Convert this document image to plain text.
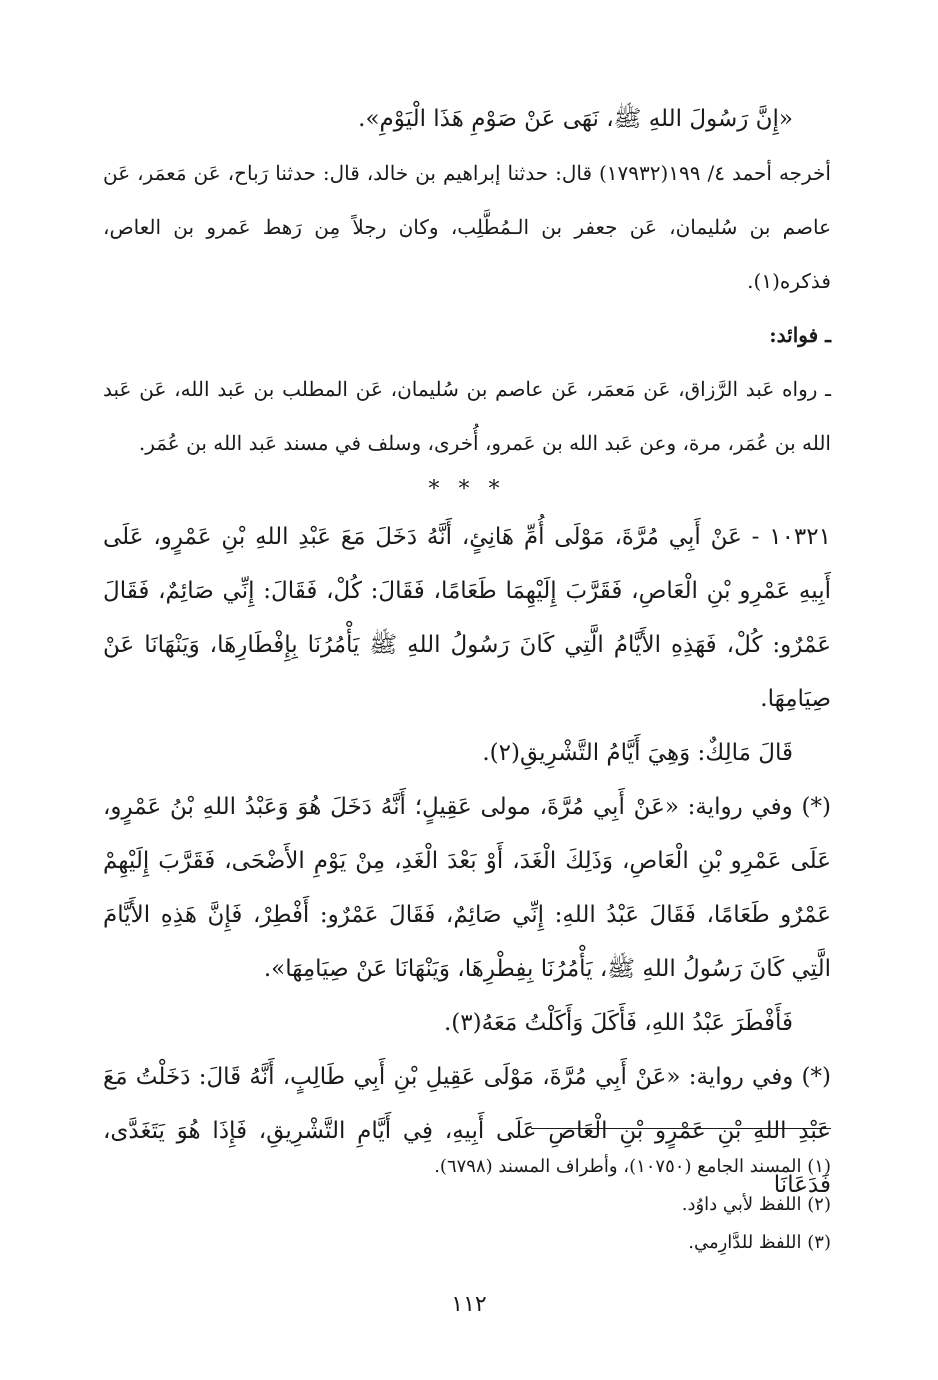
«إِنَّ رَسُولَ اللهِ ﷺ، نَهَى عَنْ صَوْمِ هَذَا الْيَوْمِ».

أخرجه أحمد ٤/ ١٩٩(١٧٩٣٢) قال: حدثنا إبراهيم بن خالد، قال: حدثنا رَباح، عَن مَعمَر، عَن عاصم بن سُليمان، عَن جعفر بن الـمُطَّلِب، وكان رجلاً مِن رَهط عَمرو بن العاص، فذكره(١).

ـ فوائد:

ـ رواه عَبد الرَّزاق، عَن مَعمَر، عَن عاصم بن سُليمان، عَن المطلب بن عَبد الله، عَن عَبد الله بن عُمَر، مرة، وعن عَبد الله بن عَمرو، أُخرى، وسلف في مسند عَبد الله بن عُمَر.

* * *

١٠٣٢١ - عَنْ أَبِي مُرَّةَ، مَوْلَى أُمِّ هَانِئٍ، أَنَّهُ دَخَلَ مَعَ عَبْدِ اللهِ بْنِ عَمْرٍو، عَلَى أَبِيهِ عَمْرِو بْنِ الْعَاصِ، فَقَرَّبَ إِلَيْهِمَا طَعَامًا، فَقَالَ: كُلْ، فَقَالَ: إِنِّي صَائِمٌ، فَقَالَ عَمْرٌو: كُلْ، فَهَذِهِ الأَيَّامُ الَّتِي كَانَ رَسُولُ اللهِ ﷺ يَأْمُرُنَا بِإِفْطَارِهَا، وَيَنْهَانَا عَنْ صِيَامِهَا.

قَالَ مَالِكٌ: وَهِيَ أَيَّامُ التَّشْرِيقِ(٢).

(*) وفي رواية: «عَنْ أَبِي مُرَّةَ، مولى عَقِيلٍ؛ أَنَّهُ دَخَلَ هُوَ وَعَبْدُ اللهِ بْنُ عَمْرٍو، عَلَى عَمْرِو بْنِ الْعَاصِ، وَذَلِكَ الْغَدَ، أَوْ بَعْدَ الْغَدِ، مِنْ يَوْمِ الأَضْحَى، فَقَرَّبَ إِلَيْهِمْ عَمْرٌو طَعَامًا، فَقَالَ عَبْدُ اللهِ: إِنِّي صَائِمٌ، فَقَالَ عَمْرٌو: أَفْطِرْ، فَإِنَّ هَذِهِ الأَيَّامَ الَّتِي كَانَ رَسُولُ اللهِ ﷺ، يَأْمُرُنَا بِفِطْرِهَا، وَيَنْهَانَا عَنْ صِيَامِهَا».

فَأَفْطَرَ عَبْدُ اللهِ، فَأَكَلَ وَأَكَلْتُ مَعَهُ(٣).

(*) وفي رواية: «عَنْ أَبِي مُرَّةَ، مَوْلَى عَقِيلِ بْنِ أَبِي طَالِبٍ، أَنَّهُ قَالَ: دَخَلْتُ مَعَ عَبْدِ اللهِ بْنِ عَمْرٍو بْنِ الْعَاصِ عَلَى أَبِيهِ، فِي أَيَّامِ التَّشْرِيقِ، فَإِذَا هُوَ يَتَغَدَّى، فَدَعَانَا

(١) المسند الجامع (١٠٧٥٠)، وأطراف المسند (٦٧٩٨).

(٢) اللفظ لأبي داوُد.

(٣) اللفظ للدَّارِمي.

١١٢
